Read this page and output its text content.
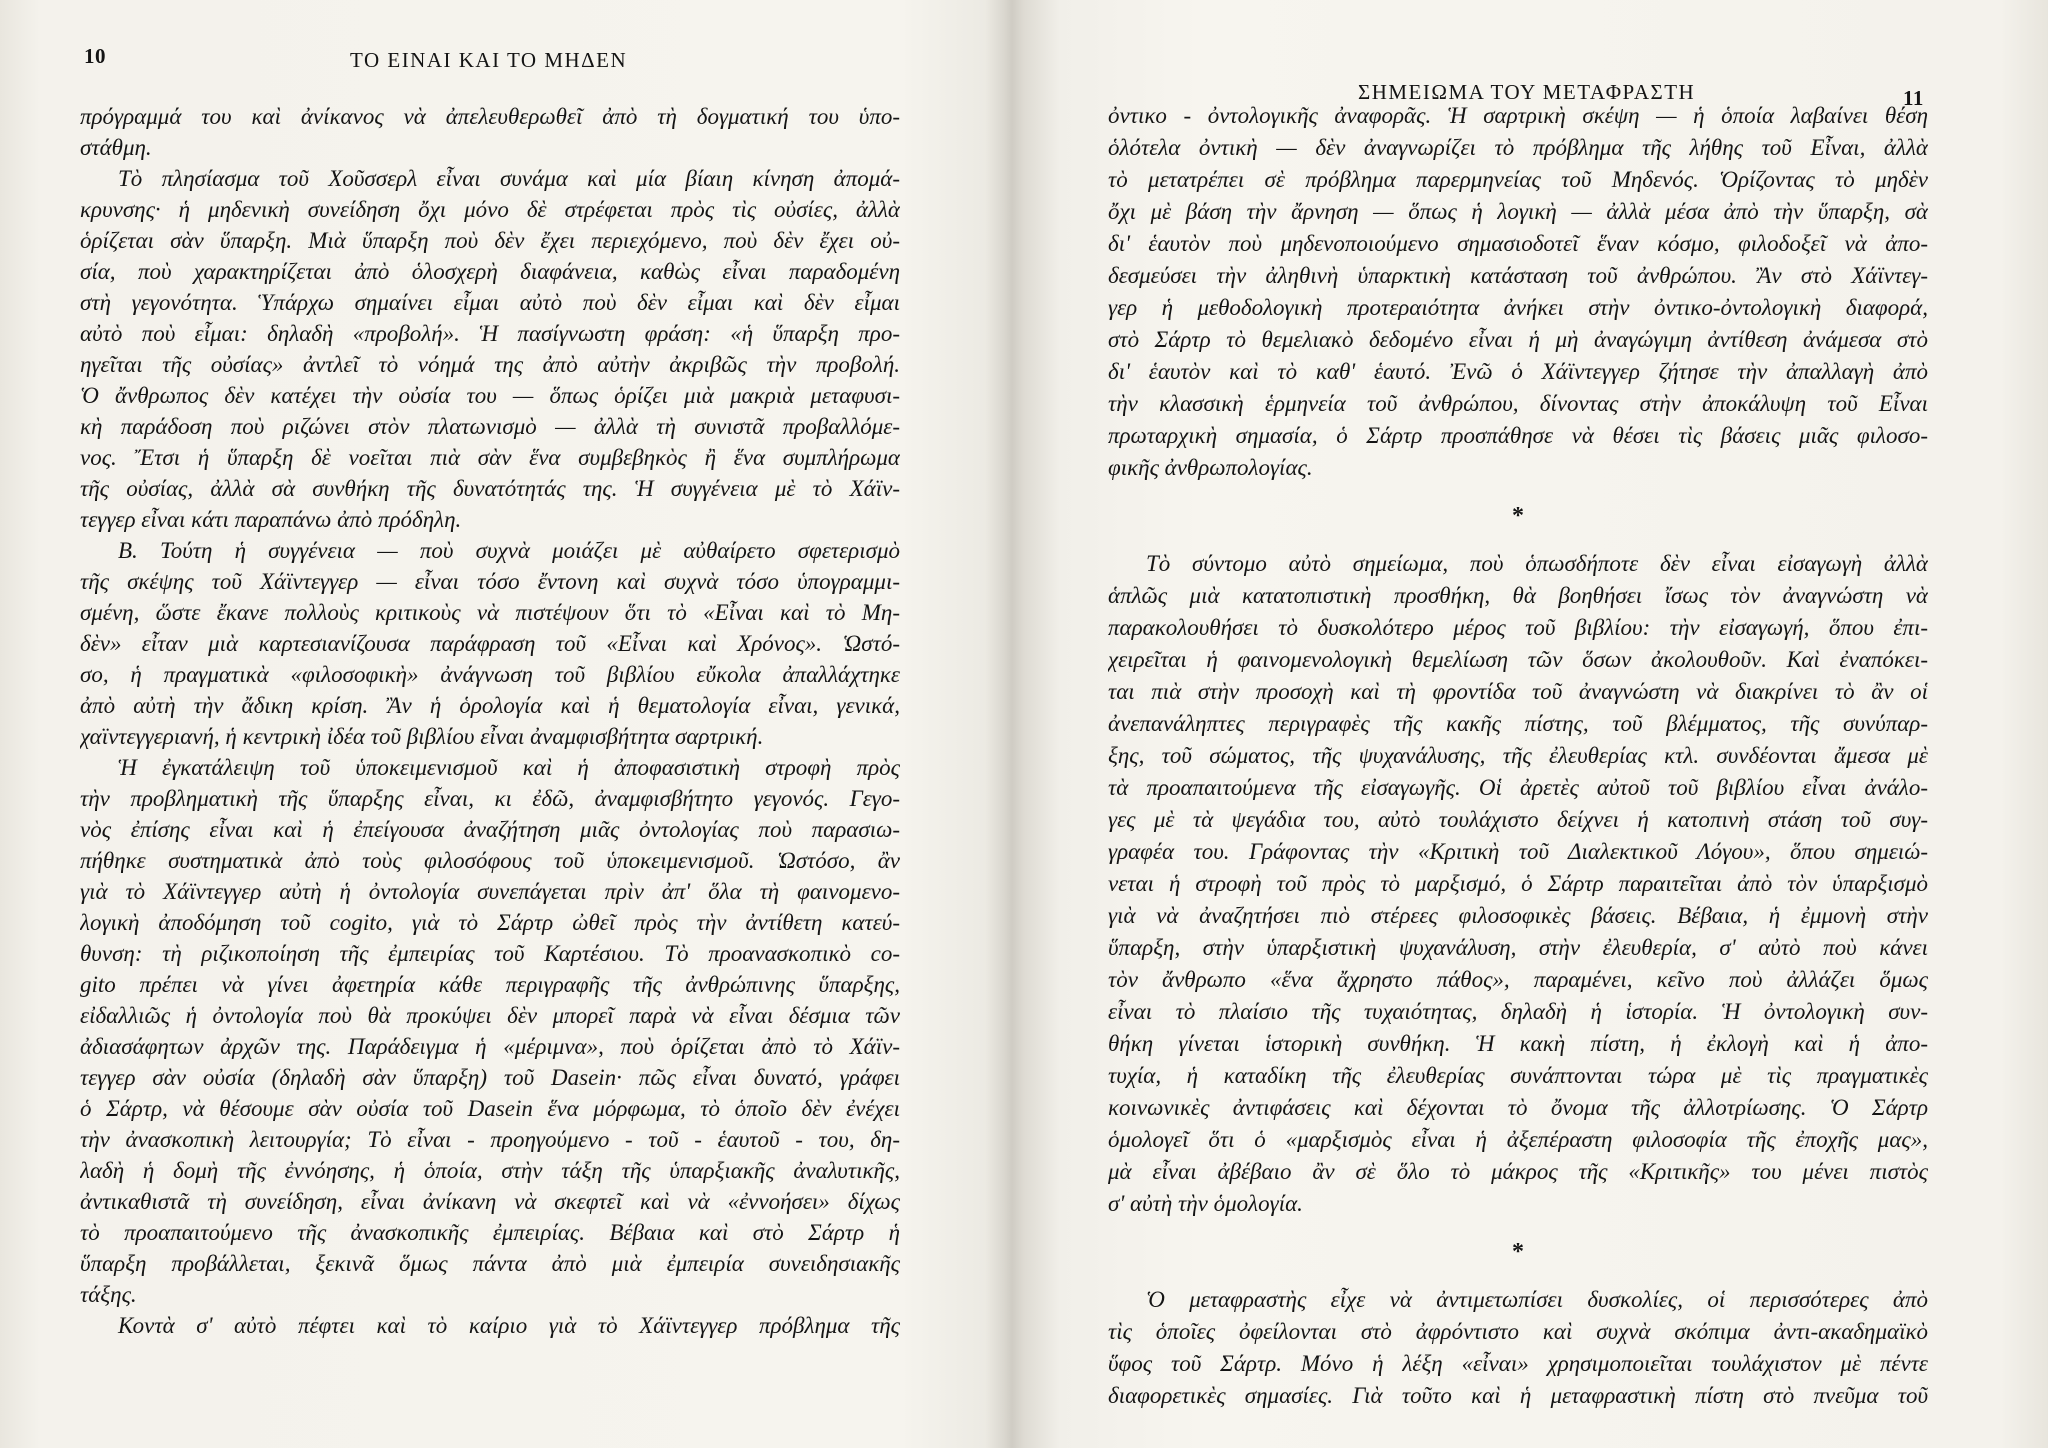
10	ΤΟ ΕΙΝΑΙ ΚΑΙ ΤΟ ΜΗΔΕΝ
πρόγραμμά του καὶ ἀνίκανος νὰ ἀπελευθερωθεῖ ἀπὸ τὴ δογματική του ὑπο-
στάθμη.
Τὸ πλησίασμα τοῦ Χοῦσσερλ εἶναι συνάμα καὶ μία βίαιη κίνηση ἀπομά-
κρυνσης· ἡ μηδενικὴ συνείδηση ὄχι μόνο δὲ στρέφεται πρὸς τὶς οὐσίες, ἀλλὰ
ὁρίζεται σὰν ὕπαρξη. Μιὰ ὕπαρξη ποὺ δὲν ἔχει περιεχόμενο, ποὺ δὲν ἔχει οὐ-
σία, ποὺ χαρακτηρίζεται ἀπὸ ὁλοσχερὴ διαφάνεια, καθὼς εἶναι παραδομένη
στὴ γεγονότητα. Ὑπάρχω σημαίνει εἶμαι αὐτὸ ποὺ δὲν εἶμαι καὶ δὲν εἶμαι
αὐτὸ ποὺ εἶμαι: δηλαδὴ «προβολή». Ἡ πασίγνωστη φράση: «ἡ ὕπαρξη προ-
ηγεῖται τῆς οὐσίας» ἀντλεῖ τὸ νόημά της ἀπὸ αὐτὴν ἀκριβῶς τὴν προβολή.
Ὁ ἄνθρωπος δὲν κατέχει τὴν οὐσία του — ὅπως ὁρίζει μιὰ μακριὰ μεταφυσι-
κὴ παράδοση ποὺ ριζώνει στὸν πλατωνισμὸ — ἀλλὰ τὴ συνιστᾶ προβαλλόμε-
νος. Ἔτσι ἡ ὕπαρξη δὲ νοεῖται πιὰ σὰν ἕνα συμβεβηκὸς ἢ ἕνα συμπλήρωμα
τῆς οὐσίας, ἀλλὰ σὰ συνθήκη τῆς δυνατότητάς της. Ἡ συγγένεια μὲ τὸ Χάϊν-
τεγγερ εἶναι κάτι παραπάνω ἀπὸ πρόδηλη.
Β. Τούτη ἡ συγγένεια — ποὺ συχνὰ μοιάζει μὲ αὐθαίρετο σφετερισμὸ
τῆς σκέψης τοῦ Χάϊντεγγερ — εἶναι τόσο ἔντονη καὶ συχνὰ τόσο ὑπογραμμι-
σμένη, ὥστε ἔκανε πολλοὺς κριτικοὺς νὰ πιστέψουν ὅτι τὸ «Εἶναι καὶ τὸ Μη-
δὲν» εἶταν μιὰ καρτεσιανίζουσα παράφραση τοῦ «Εἶναι καὶ Χρόνος». Ὡστό-
σο, ἡ πραγματικὰ «φιλοσοφικὴ» ἀνάγνωση τοῦ βιβλίου εὔκολα ἀπαλλάχτηκε
ἀπὸ αὐτὴ τὴν ἄδικη κρίση. Ἂν ἡ ὁρολογία καὶ ἡ θεματολογία εἶναι, γενικά,
χαϊντεγγεριανή, ἡ κεντρικὴ ἰδέα τοῦ βιβλίου εἶναι ἀναμφισβήτητα σαρτρική.
Ἡ ἐγκατάλειψη τοῦ ὑποκειμενισμοῦ καὶ ἡ ἀποφασιστικὴ στροφὴ πρὸς
τὴν προβληματικὴ τῆς ὕπαρξης εἶναι, κι ἐδῶ, ἀναμφισβήτητο γεγονός. Γεγο-
νὸς ἐπίσης εἶναι καὶ ἡ ἐπείγουσα ἀναζήτηση μιᾶς ὀντολογίας ποὺ παρασιω-
πήθηκε συστηματικὰ ἀπὸ τοὺς φιλοσόφους τοῦ ὑποκειμενισμοῦ. Ὡστόσο, ἂν
γιὰ τὸ Χάϊντεγγερ αὐτὴ ἡ ὀντολογία συνεπάγεται πρὶν ἀπ' ὅλα τὴ φαινομενο-
λογικὴ ἀποδόμηση τοῦ cogito, γιὰ τὸ Σάρτρ ὠθεῖ πρὸς τὴν ἀντίθετη κατεύ-
θυνση: τὴ ριζικοποίηση τῆς ἐμπειρίας τοῦ Καρτέσιου. Τὸ προανασκοπικὸ co-
gito πρέπει νὰ γίνει ἀφετηρία κάθε περιγραφῆς τῆς ἀνθρώπινης ὕπαρξης,
εἰδαλλιῶς ἡ ὀντολογία ποὺ θὰ προκύψει δὲν μπορεῖ παρὰ νὰ εἶναι δέσμια τῶν
ἀδιασάφητων ἀρχῶν της. Παράδειγμα ἡ «μέριμνα», ποὺ ὁρίζεται ἀπὸ τὸ Χάϊν-
τεγγερ σὰν οὐσία (δηλαδὴ σὰν ὕπαρξη) τοῦ Dasein· πῶς εἶναι δυνατό, γράφει
ὁ Σάρτρ, νὰ θέσουμε σὰν οὐσία τοῦ Dasein ἕνα μόρφωμα, τὸ ὁποῖο δὲν ἐνέχει
τὴν ἀνασκοπικὴ λειτουργία; Τὸ εἶναι - προηγούμενο - τοῦ - ἑαυτοῦ - του, δη-
λαδὴ ἡ δομὴ τῆς ἐννόησης, ἡ ὁποία, στὴν τάξη τῆς ὑπαρξιακῆς ἀναλυτικῆς,
ἀντικαθιστᾶ τὴ συνείδηση, εἶναι ἀνίκανη νὰ σκεφτεῖ καὶ νὰ «ἐννοήσει» δίχως
τὸ προαπαιτούμενο τῆς ἀνασκοπικῆς ἐμπειρίας. Βέβαια καὶ στὸ Σάρτρ ἡ
ὕπαρξη προβάλλεται, ξεκινᾶ ὅμως πάντα ἀπὸ μιὰ ἐμπειρία συνειδησιακῆς
τάξης.
Κοντὰ σ' αὐτὸ πέφτει καὶ τὸ καίριο γιὰ τὸ Χάϊντεγγερ πρόβλημα τῆς
ΣΗΜΕΙΩΜΑ ΤΟΥ ΜΕΤΑΦΡΑΣΤΗ	11
ὀντικο - ὀντολογικῆς ἀναφορᾶς. Ἡ σαρτρικὴ σκέψη — ἡ ὁποία λαβαίνει θέση
ὁλότελα ὀντικὴ — δὲν ἀναγνωρίζει τὸ πρόβλημα τῆς λήθης τοῦ Εἶναι, ἀλλὰ
τὸ μετατρέπει σὲ πρόβλημα παρερμηνείας τοῦ Μηδενός. Ὁρίζοντας τὸ μηδὲν
ὄχι μὲ βάση τὴν ἄρνηση — ὅπως ἡ λογικὴ — ἀλλὰ μέσα ἀπὸ τὴν ὕπαρξη, σὰ
δι' ἑαυτὸν ποὺ μηδενοποιούμενο σημασιοδοτεῖ ἕναν κόσμο, φιλοδοξεῖ νὰ ἀπο-
δεσμεύσει τὴν ἀληθινὴ ὑπαρκτικὴ κατάσταση τοῦ ἀνθρώπου. Ἂν στὸ Χάϊντεγ-
γερ ἡ μεθοδολογικὴ προτεραιότητα ἀνήκει στὴν ὀντικο-ὀντολογικὴ διαφορά,
στὸ Σάρτρ τὸ θεμελιακὸ δεδομένο εἶναι ἡ μὴ ἀναγώγιμη ἀντίθεση ἀνάμεσα στὸ
δι' ἑαυτὸν καὶ τὸ καθ' ἑαυτό. Ἐνῶ ὁ Χάϊντεγγερ ζήτησε τὴν ἀπαλλαγὴ ἀπὸ
τὴν κλασσικὴ ἑρμηνεία τοῦ ἀνθρώπου, δίνοντας στὴν ἀποκάλυψη τοῦ Εἶναι
πρωταρχικὴ σημασία, ὁ Σάρτρ προσπάθησε νὰ θέσει τὶς βάσεις μιᾶς φιλοσο-
φικῆς ἀνθρωπολογίας.
*
Τὸ σύντομο αὐτὸ σημείωμα, ποὺ ὁπωσδήποτε δὲν εἶναι εἰσαγωγὴ ἀλλὰ
ἁπλῶς μιὰ κατατοπιστικὴ προσθήκη, θὰ βοηθήσει ἴσως τὸν ἀναγνώστη νὰ
παρακολουθήσει τὸ δυσκολότερο μέρος τοῦ βιβλίου: τὴν εἰσαγωγή, ὅπου ἐπι-
χειρεῖται ἡ φαινομενολογικὴ θεμελίωση τῶν ὅσων ἀκολουθοῦν. Καὶ ἐναπόκει-
ται πιὰ στὴν προσοχὴ καὶ τὴ φροντίδα τοῦ ἀναγνώστη νὰ διακρίνει τὸ ἂν οἱ
ἀνεπανάληπτες περιγραφὲς τῆς κακῆς πίστης, τοῦ βλέμματος, τῆς συνύπαρ-
ξης, τοῦ σώματος, τῆς ψυχανάλυσης, τῆς ἐλευθερίας κτλ. συνδέονται ἄμεσα μὲ
τὰ προαπαιτούμενα τῆς εἰσαγωγῆς. Οἱ ἀρετὲς αὐτοῦ τοῦ βιβλίου εἶναι ἀνάλο-
γες μὲ τὰ ψεγάδια του, αὐτὸ τουλάχιστο δείχνει ἡ κατοπινὴ στάση τοῦ συγ-
γραφέα του. Γράφοντας τὴν «Κριτικὴ τοῦ Διαλεκτικοῦ Λόγου», ὅπου σημειώ-
νεται ἡ στροφὴ τοῦ πρὸς τὸ μαρξισμό, ὁ Σάρτρ παραιτεῖται ἀπὸ τὸν ὑπαρξισμὸ
γιὰ νὰ ἀναζητήσει πιὸ στέρεες φιλοσοφικὲς βάσεις. Βέβαια, ἡ ἐμμονὴ στὴν
ὕπαρξη, στὴν ὑπαρξιστικὴ ψυχανάλυση, στὴν ἐλευθερία, σ' αὐτὸ ποὺ κάνει
τὸν ἄνθρωπο «ἕνα ἄχρηστο πάθος», παραμένει, κεῖνο ποὺ ἀλλάζει ὅμως
εἶναι τὸ πλαίσιο τῆς τυχαιότητας, δηλαδὴ ἡ ἱστορία. Ἡ ὀντολογικὴ συν-
θήκη γίνεται ἱστορικὴ συνθήκη. Ἡ κακὴ πίστη, ἡ ἐκλογὴ καὶ ἡ ἀπο-
τυχία, ἡ καταδίκη τῆς ἐλευθερίας συνάπτονται τώρα μὲ τὶς πραγματικὲς
κοινωνικὲς ἀντιφάσεις καὶ δέχονται τὸ ὄνομα τῆς ἀλλοτρίωσης. Ὁ Σάρτρ
ὁμολογεῖ ὅτι ὁ «μαρξισμὸς εἶναι ἡ ἀξεπέραστη φιλοσοφία τῆς ἐποχῆς μας»,
μὰ εἶναι ἀβέβαιο ἂν σὲ ὅλο τὸ μάκρος τῆς «Κριτικῆς» του μένει πιστὸς
σ' αὐτὴ τὴν ὁμολογία.
*
Ὁ μεταφραστὴς εἶχε νὰ ἀντιμετωπίσει δυσκολίες, οἱ περισσότερες ἀπὸ
τὶς ὁποῖες ὀφείλονται στὸ ἀφρόντιστο καὶ συχνὰ σκόπιμα ἀντι-ακαδημαϊκὸ
ὕφος τοῦ Σάρτρ. Μόνο ἡ λέξη «εἶναι» χρησιμοποιεῖται τουλάχιστον μὲ πέντε
διαφορετικὲς σημασίες. Γιὰ τοῦτο καὶ ἡ μεταφραστικὴ πίστη στὸ πνεῦμα τοῦ
